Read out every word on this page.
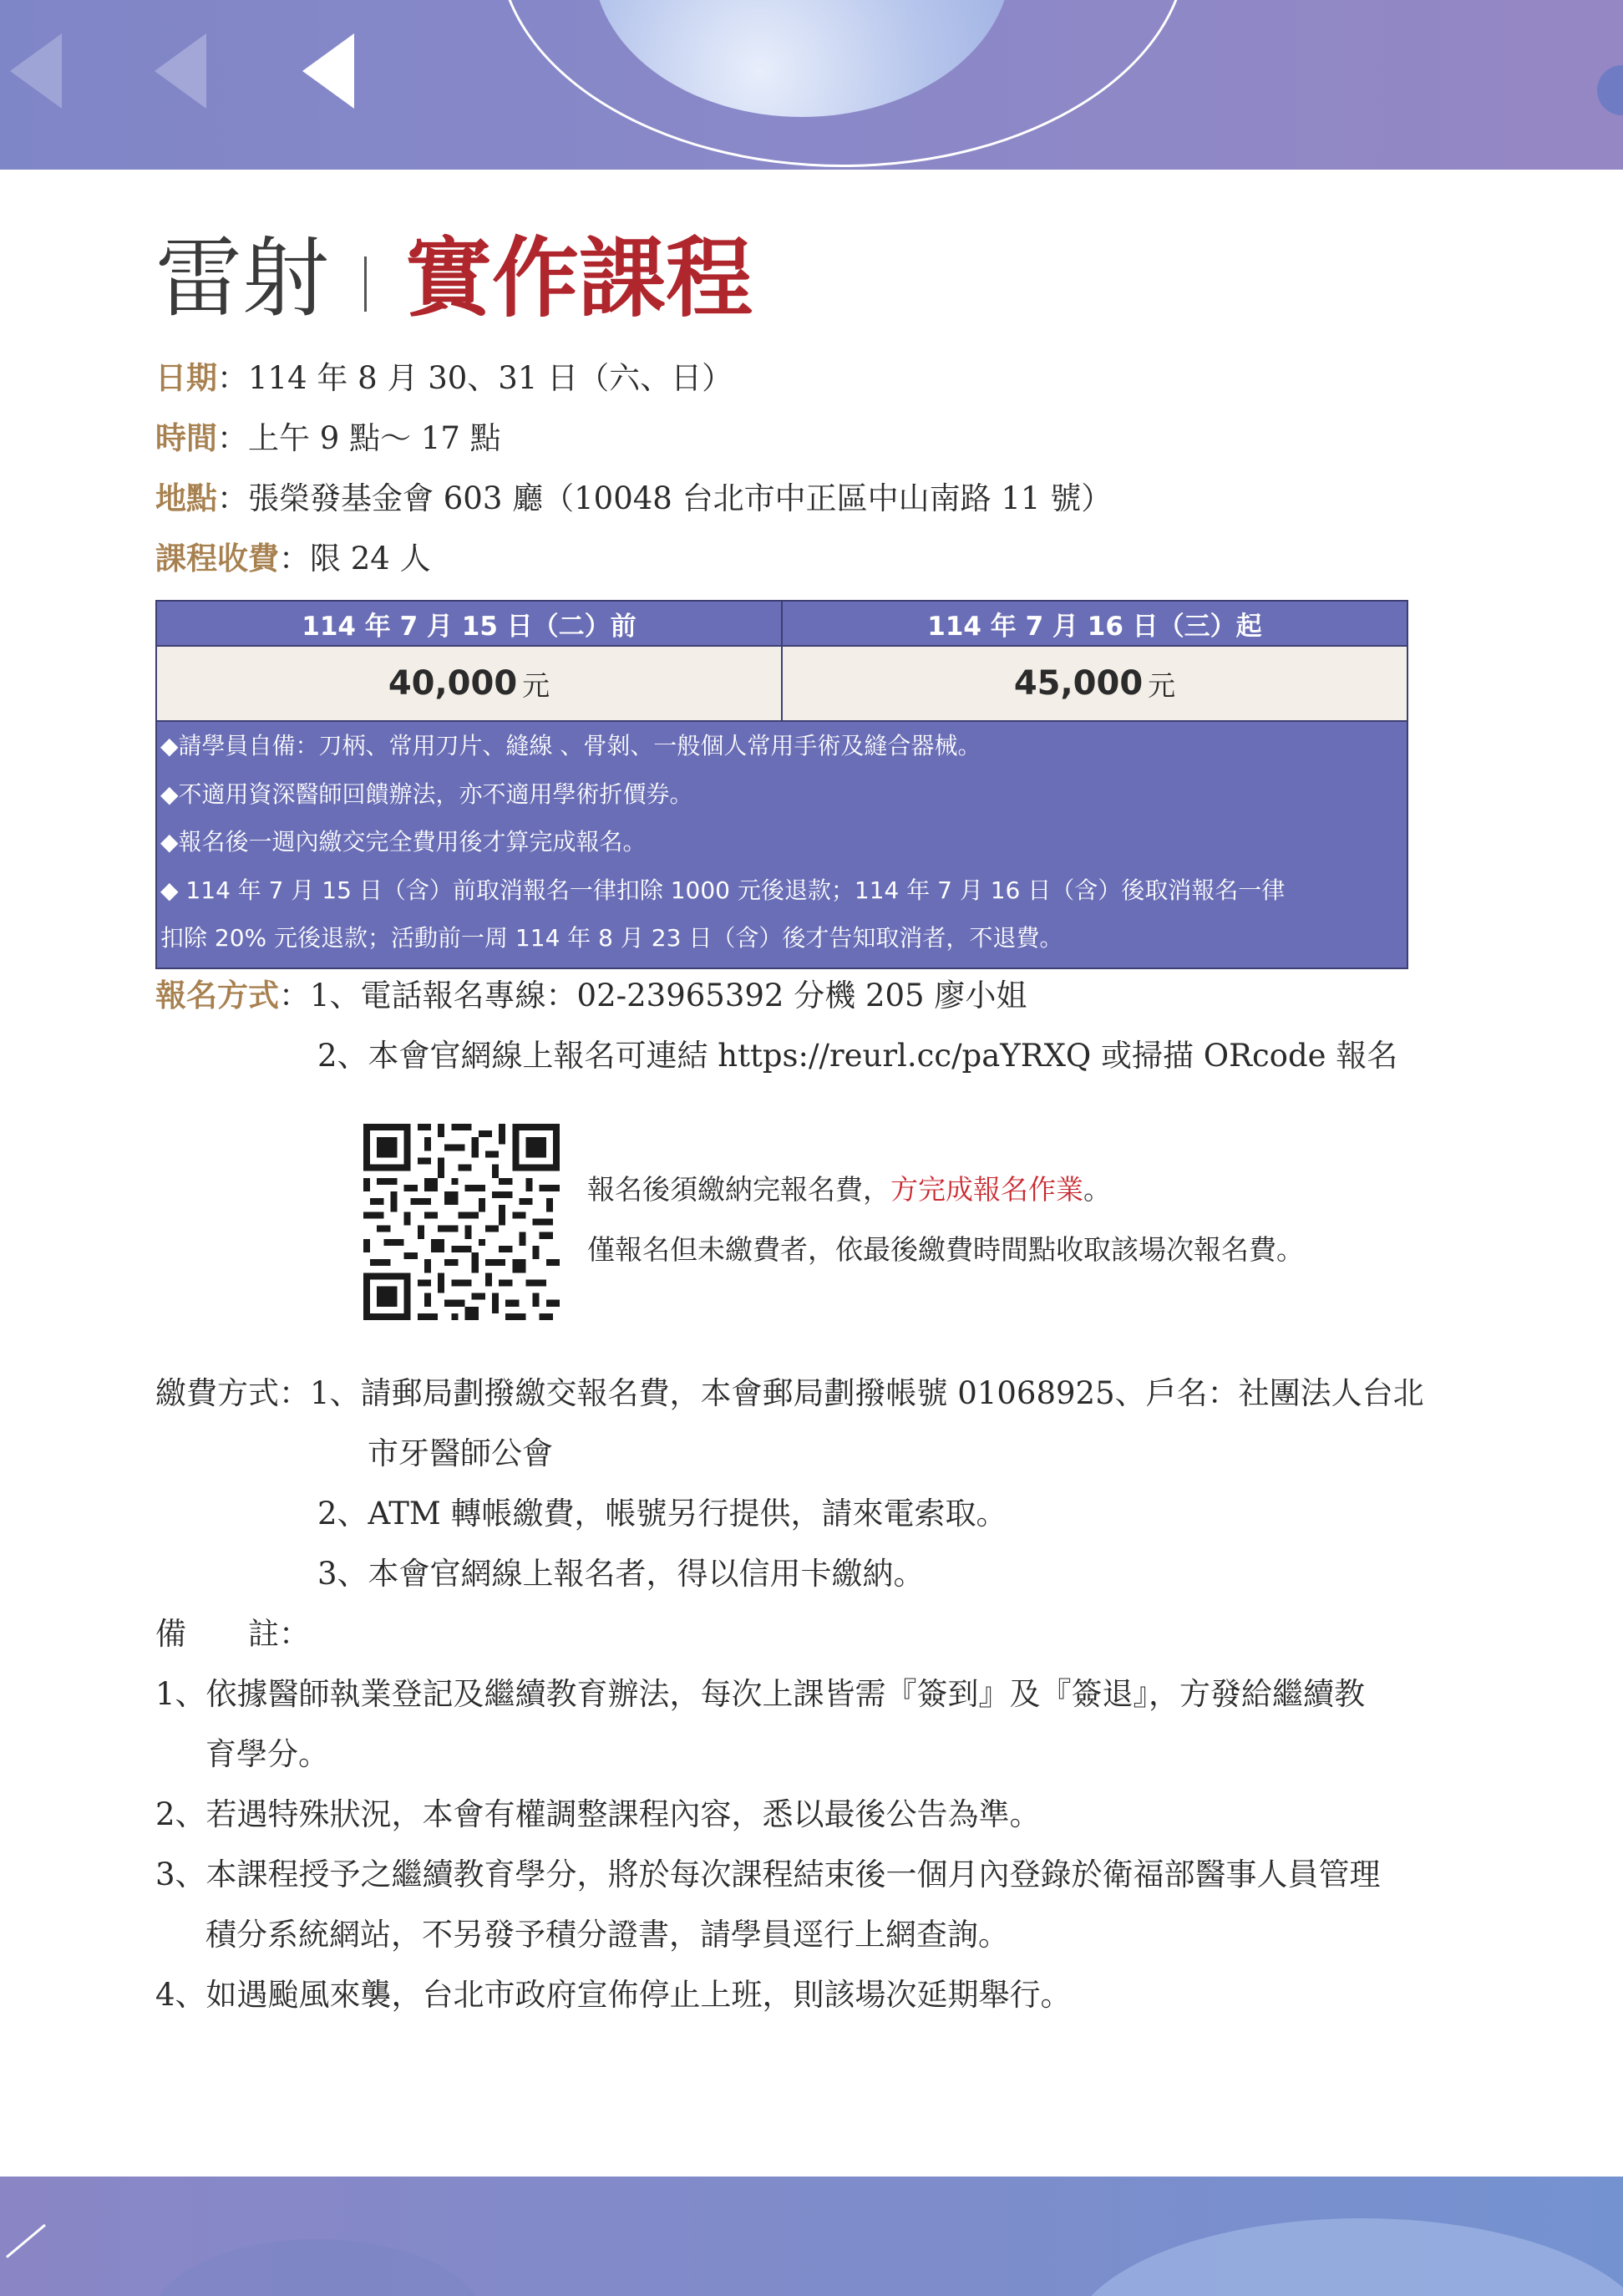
雷射 實作課程
日期：114 年 8 月 30、31 日（六、日）
時間：上午 9 點～ 17 點
地點：張榮發基金會 603 廳（10048 台北市中正區中山南路 11 號）
課程收費：限 24 人
114 年 7 月 15 日（二）前	114 年 7 月 16 日（三）起
40,000 元	45,000 元
◆請學員自備：刀柄、常用刀片、縫線 、骨剝、一般個人常用手術及縫合器械。
◆不適用資深醫師回饋辦法，亦不適用學術折價券。
◆報名後一週內繳交完全費用後才算完成報名。
◆ 114 年 7 月 15 日（含）前取消報名一律扣除 1000 元後退款；114 年 7 月 16 日（含）後取消報名一律
扣除 20% 元後退款；活動前一周 114 年 8 月 23 日（含）後才告知取消者，不退費。
報名方式：1、電話報名專線：02-23965392 分機 205 廖小姐
2、本會官網線上報名可連結 https://reurl.cc/paYRXQ 或掃描 ORcode 報名
報名後須繳納完報名費，方完成報名作業。
僅報名但未繳費者，依最後繳費時間點收取該場次報名費。
繳費方式：1、請郵局劃撥繳交報名費，本會郵局劃撥帳號 01068925、戶名：社團法人台北
市牙醫師公會
2、ATM 轉帳繳費，帳號另行提供，請來電索取。
3、本會官網線上報名者，得以信用卡繳納。
備　　註：
1、依據醫師執業登記及繼續教育辦法，每次上課皆需『簽到』及『簽退』，方發給繼續教
育學分。
2、若遇特殊狀況，本會有權調整課程內容，悉以最後公告為準。
3、本課程授予之繼續教育學分，將於每次課程結束後一個月內登錄於衛福部醫事人員管理
積分系統網站，不另發予積分證書，請學員逕行上網查詢。
4、如遇颱風來襲，台北市政府宣佈停止上班，則該場次延期舉行。
